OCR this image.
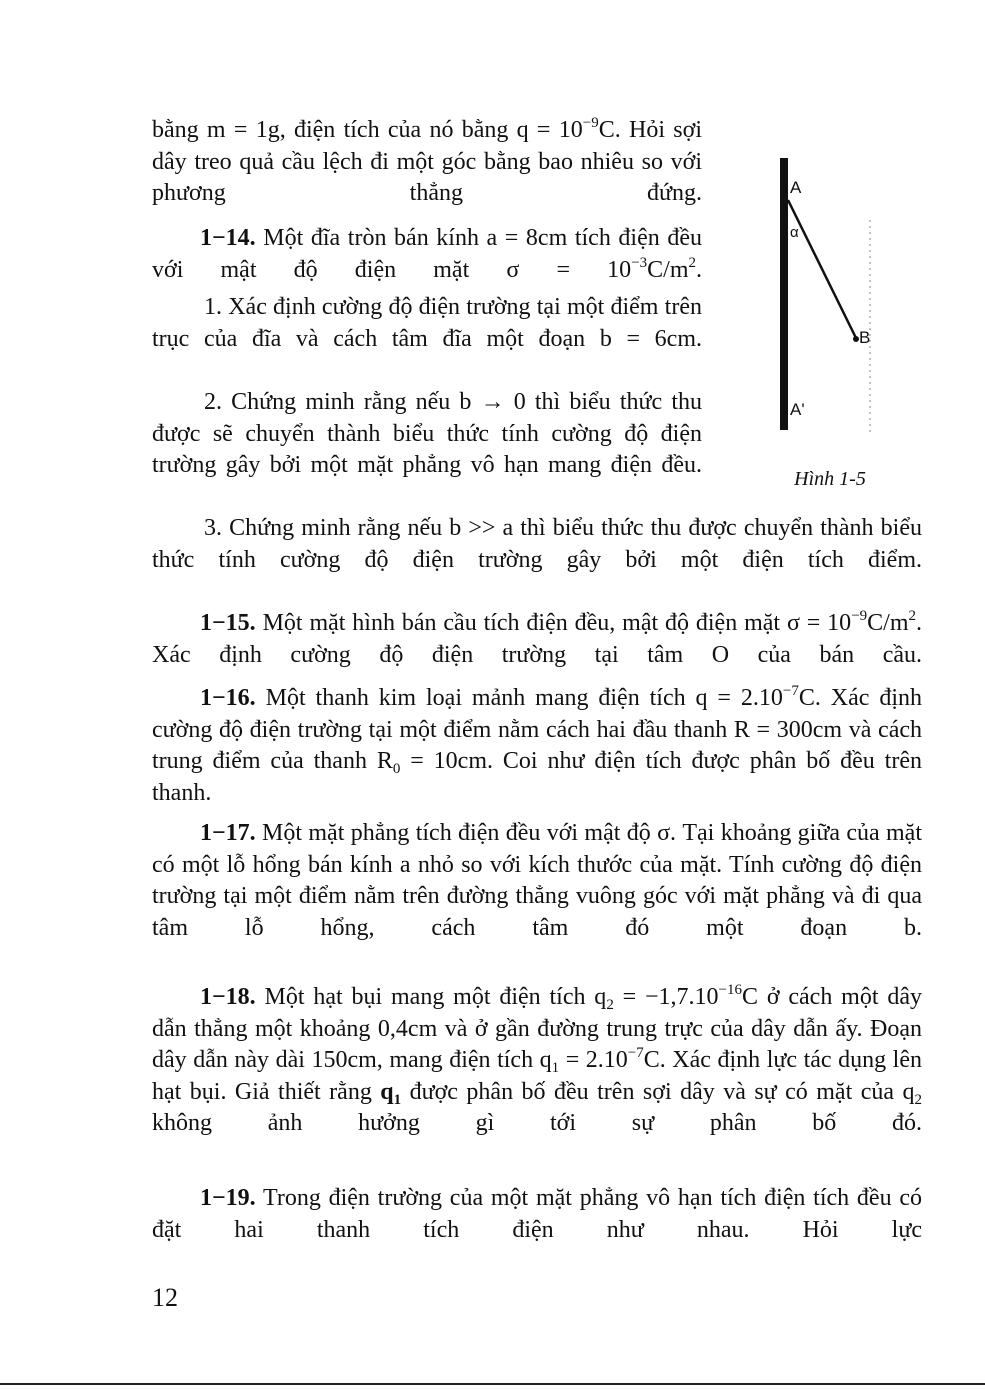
bằng m = 1g, điện tích của nó bằng $q = 10^{-9}C$. Hỏi sợi dây treo quả cầu lệch đi một góc bằng bao nhiêu so với phương thẳng đứng.

1−14. Một đĩa tròn bán kính a = 8cm tích điện đều với mật độ điện mặt $\sigma = 10^{-3}C/m^2$.

1. Xác định cường độ điện trường tại một điểm trên trục của đĩa và cách tâm đĩa một đoạn b = 6cm.

2. Chứng minh rằng nếu b → 0 thì biểu thức thu được sẽ chuyển thành biểu thức tính cường độ điện trường gây bởi một mặt phẳng vô hạn mang điện đều.

3. Chứng minh rằng nếu b >> a thì biểu thức thu được chuyển thành biểu thức tính cường độ điện trường gây bởi một điện tích điểm.

1−15. Một mặt hình bán cầu tích điện đều, mật độ điện mặt $\sigma = 10^{-9}C/m^2$. Xác định cường độ điện trường tại tâm O của bán cầu.

1−16. Một thanh kim loại mảnh mang điện tích $q = 2.10^{-7}C$. Xác định cường độ điện trường tại một điểm nằm cách hai đầu thanh R = 300cm và cách trung điểm của thanh $R_0 = 10cm$. Coi như điện tích được phân bố đều trên thanh.

1−17. Một mặt phẳng tích điện đều với mật độ σ. Tại khoảng giữa của mặt có một lỗ hổng bán kính a nhỏ so với kích thước của mặt. Tính cường độ điện trường tại một điểm nằm trên đường thẳng vuông góc với mặt phẳng và đi qua tâm lỗ hổng, cách tâm đó một đoạn b.

1−18. Một hạt bụi mang một điện tích $q_2 = -1,7.10^{-16}C$ ở cách một dây dẫn thẳng một khoảng 0,4cm và ở gần đường trung trực của dây dẫn ấy. Đoạn dây dẫn này dài 150cm, mang điện tích $q_1 = 2.10^{-7}C$. Xác định lực tác dụng lên hạt bụi. Giả thiết rằng $q_1$ được phân bố đều trên sợi dây và sự có mặt của $q_2$ không ảnh hưởng gì tới sự phân bố đó.

1−19. Trong điện trường của một mặt phẳng vô hạn tích điện tích đều có đặt hai thanh tích điện như nhau. Hỏi lực

A
α
B
A'
Hình 1-5
12
